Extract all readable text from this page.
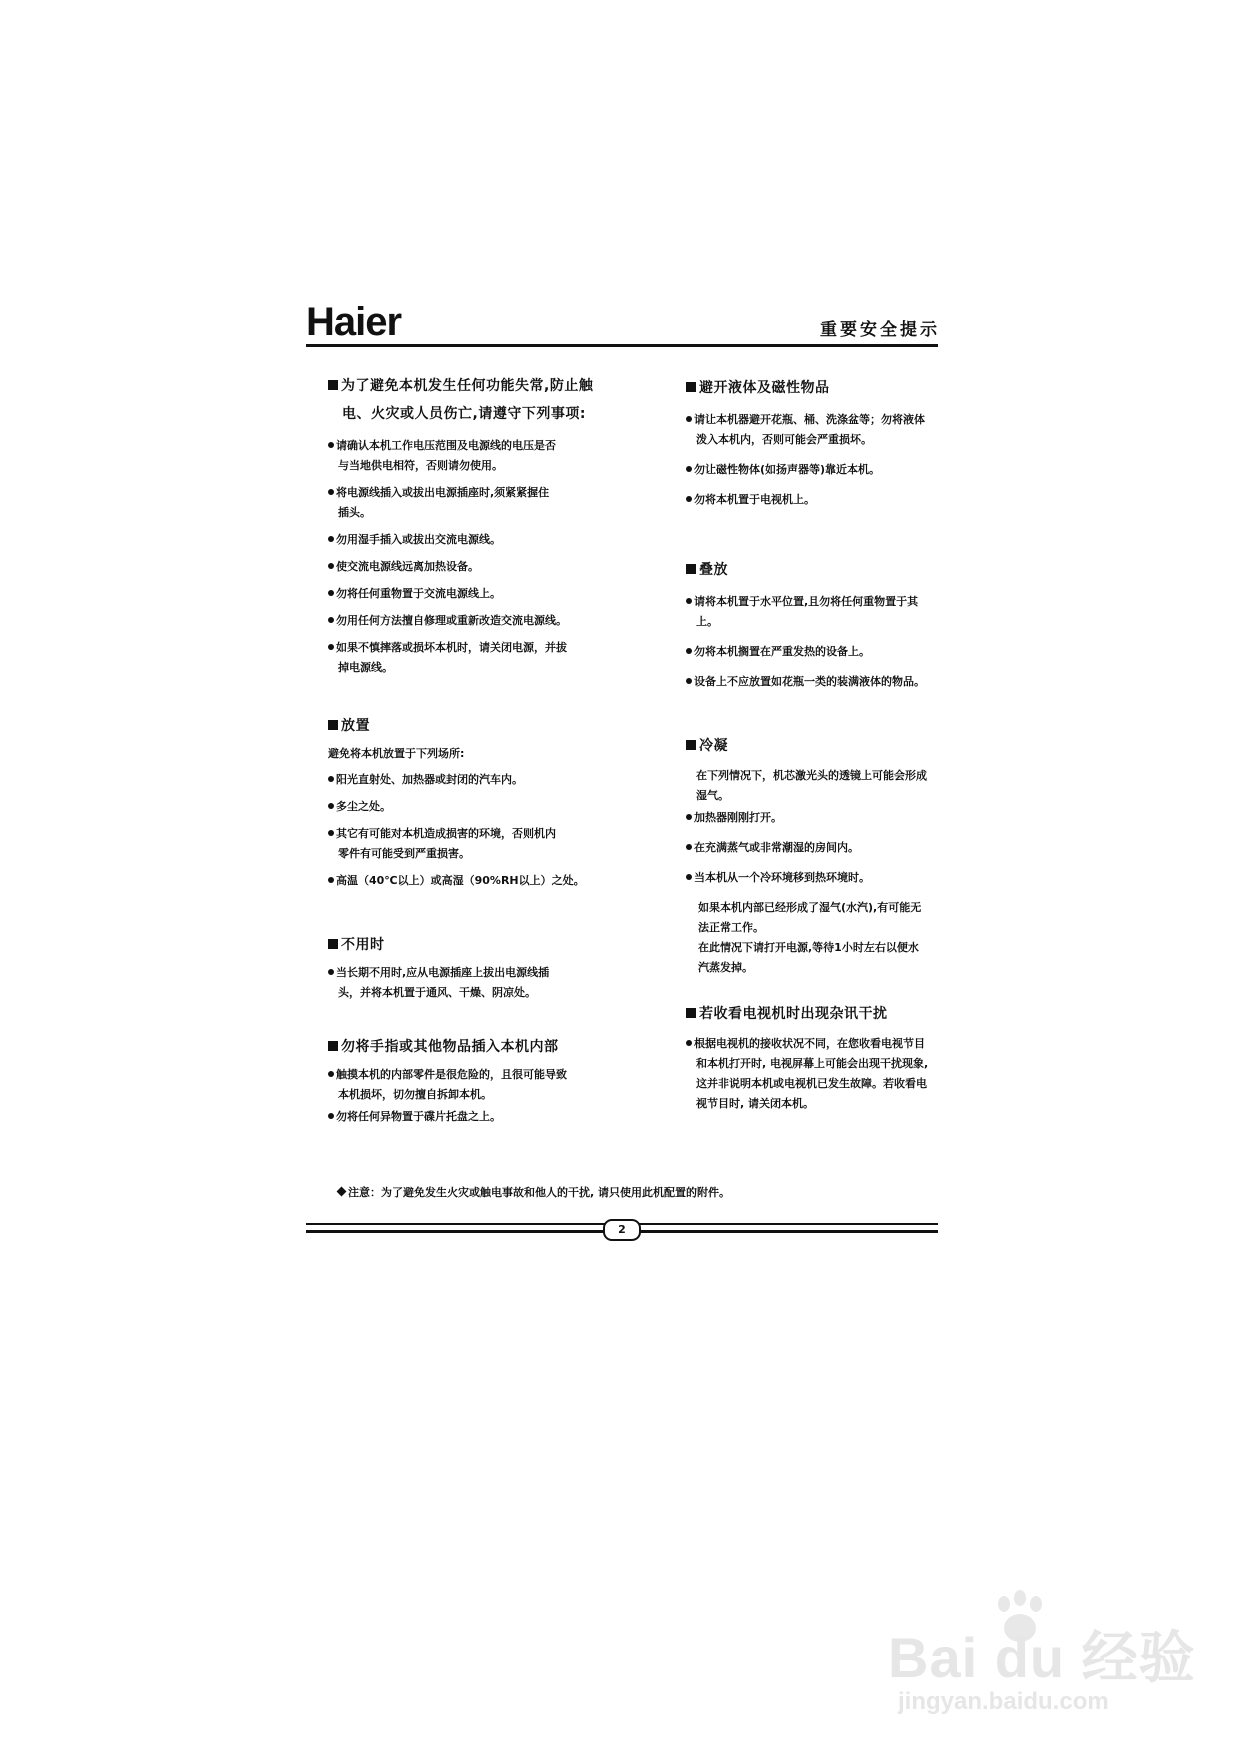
Haier	重要安全提示
为了避免本机发生任何功能失常,防止触
电、火灾或人员伤亡,请遵守下列事项:
请确认本机工作电压范围及电源线的电压是否
与当地供电相符，否则请勿使用。
将电源线插入或拔出电源插座时,须紧紧握住
插头。
勿用湿手插入或拔出交流电源线。
使交流电源线远离加热设备。
勿将任何重物置于交流电源线上。
勿用任何方法擅自修理或重新改造交流电源线。
如果不慎摔落或损坏本机时，请关闭电源，并拔
掉电源线。
放置
避免将本机放置于下列场所:
阳光直射处、加热器或封闭的汽车内。
多尘之处。
其它有可能对本机造成损害的环境，否则机内
零件有可能受到严重损害。
高温（40℃以上）或高湿（90%RH以上）之处。
不用时
当长期不用时,应从电源插座上拔出电源线插
头，并将本机置于通风、干燥、阴凉处。
勿将手指或其他物品插入本机内部
触摸本机的内部零件是很危险的，且很可能导致
本机损坏，切勿擅自拆卸本机。
勿将任何异物置于碟片托盘之上。
避开液体及磁性物品
请让本机器避开花瓶、桶、洗涤盆等；勿将液体
泼入本机内，否则可能会严重损坏。
勿让磁性物体(如扬声器等)靠近本机。
勿将本机置于电视机上。
叠放
请将本机置于水平位置,且勿将任何重物置于其
上。
勿将本机搁置在严重发热的设备上。
设备上不应放置如花瓶一类的装满液体的物品。
冷凝
在下列情况下，机芯激光头的透镜上可能会形成
湿气。
加热器刚刚打开。
在充满蒸气或非常潮湿的房间内。
当本机从一个冷环境移到热环境时。
如果本机内部已经形成了湿气(水汽),有可能无
法正常工作。
在此情况下请打开电源,等待1小时左右以便水
汽蒸发掉。
若收看电视机时出现杂讯干扰
根据电视机的接收状况不同，在您收看电视节目
和本机打开时, 电视屏幕上可能会出现干扰现象,
这并非说明本机或电视机已发生故障。若收看电
视节目时, 请关闭本机。
注意：为了避免发生火灾或触电事故和他人的干扰, 请只使用此机配置的附件。
2
Bai du 经验
jingyan.baidu.com
